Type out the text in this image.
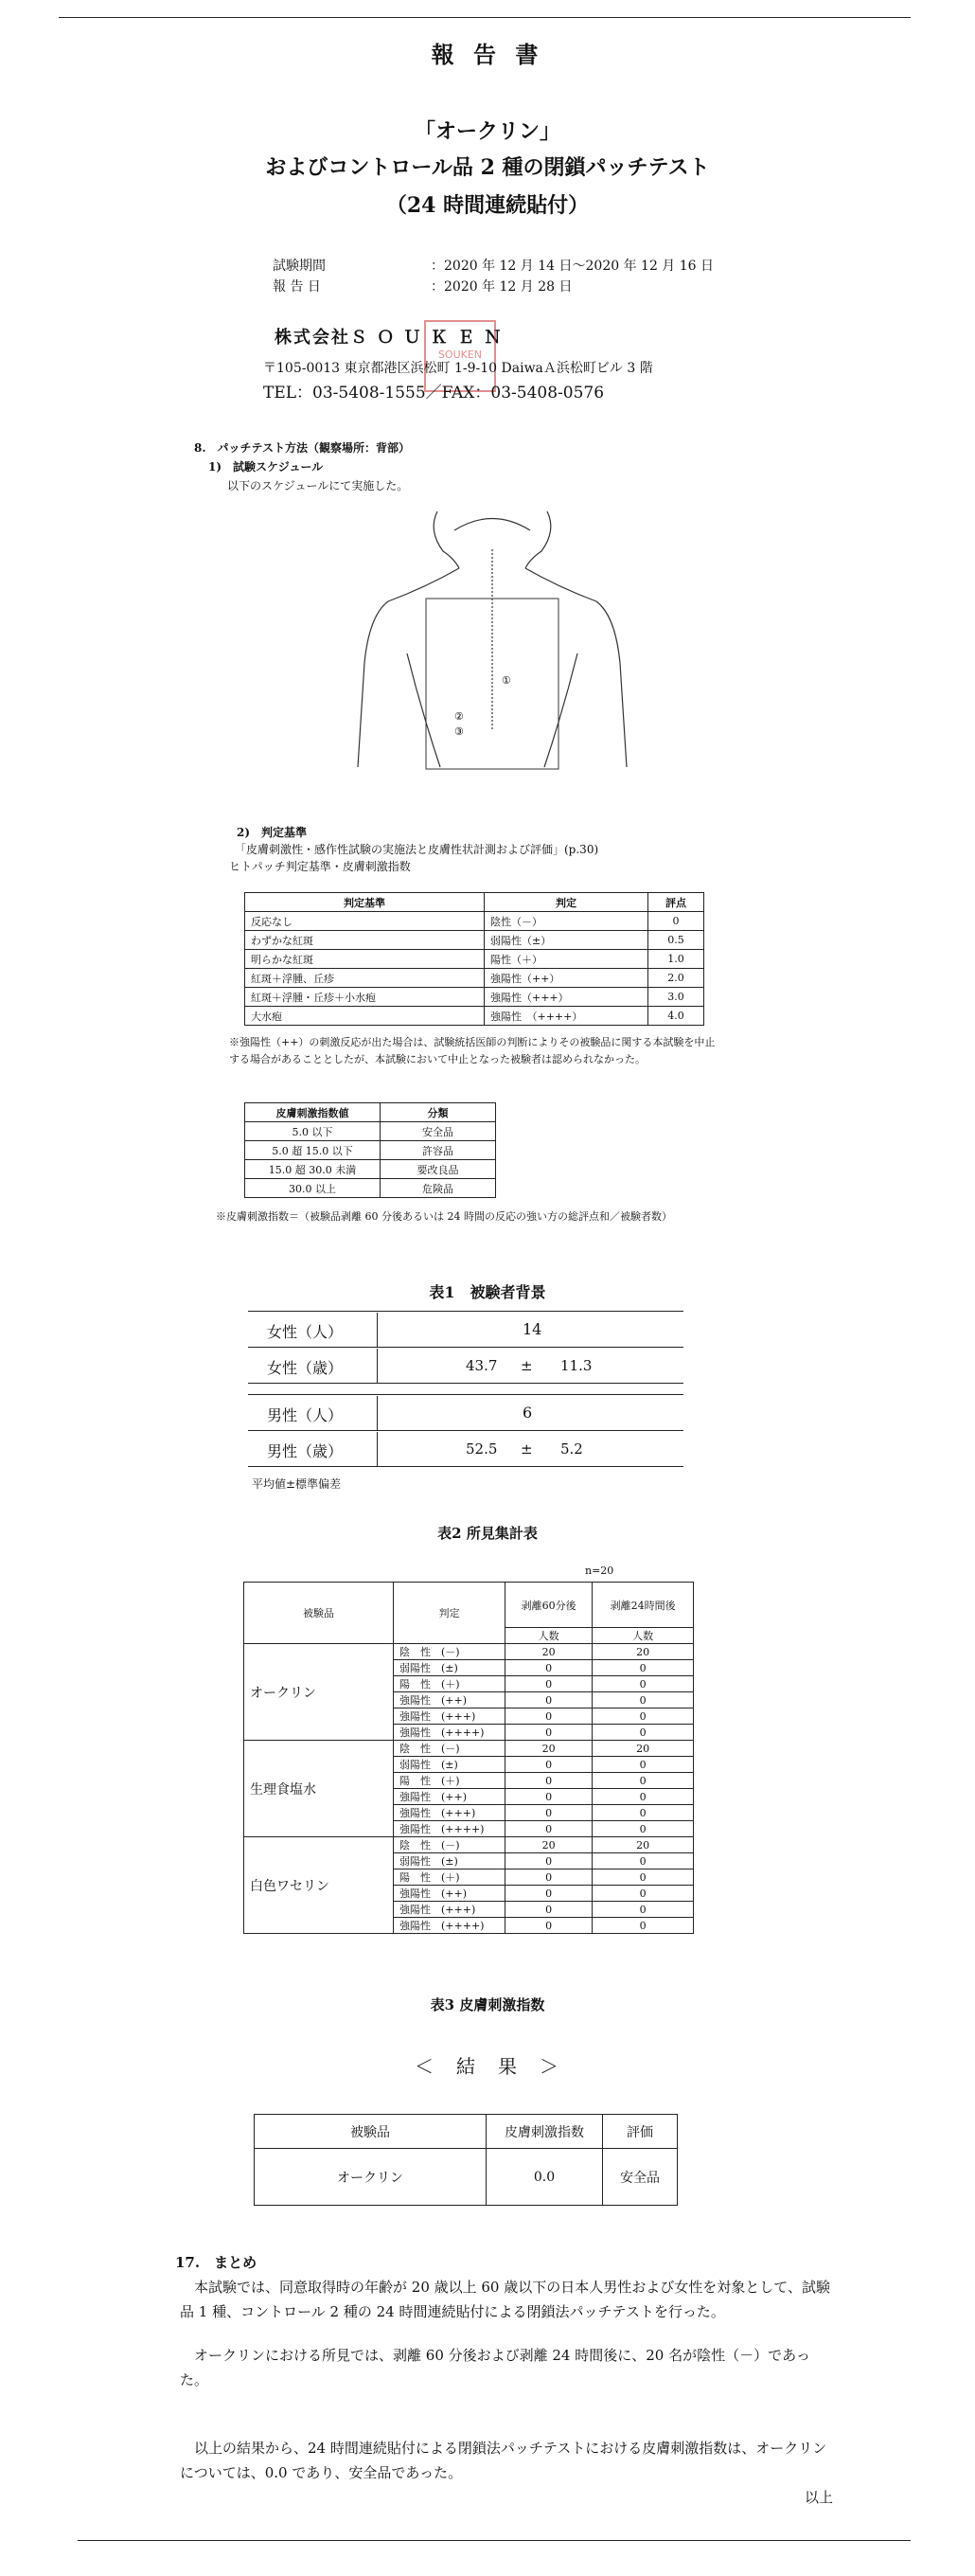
報 告 書
「オークリン」
およびコントロール品 2 種の閉鎖パッチテスト
（24 時間連続貼付）
試験期間	：2020 年 12 月 14 日～2020 年 12 月 16 日
報 告 日	：2020 年 12 月 28 日
株式会社Ｓ Ｏ Ｕ Ｋ Ｅ Ｎ
SOUKEN
〒105-0013 東京都港区浜松町 1-9-10 DaiwaＡ浜松町ビル 3 階
TEL：03-5408-1555／FAX：03-5408-0576
8.　パッチテスト方法（観察場所：背部）
1)　試験スケジュール
以下のスケジュールにて実施した。
①
②
③
2)　判定基準
「皮膚刺激性・感作性試験の実施法と皮膚性状計測および評価」(p.30)
ヒトパッチ判定基準・皮膚刺激指数
判定基準	判定	評点
反応なし	陰性（－）	0
わずかな紅斑	弱陽性（±）	0.5
明らかな紅斑	陽性（＋）	1.0
紅斑＋浮腫、丘疹	強陽性（++）	2.0
紅斑＋浮腫・丘疹＋小水疱	強陽性（+++）	3.0
大水疱	強陽性　（++++）	4.0
※強陽性（++）の刺激反応が出た場合は、試験統括医師の判断によりその被験品に関する本試験を中止する場合があることとしたが、本試験において中止となった被験者は認められなかった。
皮膚刺激指数値	分類
5.0 以下	安全品
5.0 超 15.0 以下	許容品
15.0 超 30.0 未満	要改良品
30.0 以上	危険品
※皮膚刺激指数＝（被験品剥離 60 分後あるいは 24 時間の反応の強い方の総評点和／被験者数）
表1　被験者背景
女性（人）	14
女性（歳）	43.7 ± 11.3
男性（人）	6
男性（歳）	52.5 ± 5.2
平均値±標準偏差
表2 所見集計表
n=20
被験品	判定	剥離60分後	剥離24時間後
		人数	人数
オークリン	陰　性　(－)	20	20
	弱陽性　(±)	0	0
	陽　性　(＋)	0	0
	強陽性　(++)	0	0
	強陽性　(+++)	0	0
	強陽性　(++++)	0	0
生理食塩水	陰　性　(－)	20	20
	弱陽性　(±)	0	0
	陽　性　(＋)	0	0
	強陽性　(++)	0	0
	強陽性　(+++)	0	0
	強陽性　(++++)	0	0
白色ワセリン	陰　性　(－)	20	20
	弱陽性　(±)	0	0
	陽　性　(＋)	0	0
	強陽性　(++)	0	0
	強陽性　(+++)	0	0
	強陽性　(++++)	0	0
表3 皮膚刺激指数
＜　結　果　＞
被験品	皮膚刺激指数	評価
オークリン	0.0	安全品
17.　まとめ
本試験では、同意取得時の年齢が 20 歳以上 60 歳以下の日本人男性および女性を対象として、試験品 1 種、コントロール 2 種の 24 時間連続貼付による閉鎖法パッチテストを行った。
オークリンにおける所見では、剥離 60 分後および剥離 24 時間後に、20 名が陰性（－）であった。
以上の結果から、24 時間連続貼付による閉鎖法パッチテストにおける皮膚刺激指数は、オークリンについては、0.0 であり、安全品であった。
以上
